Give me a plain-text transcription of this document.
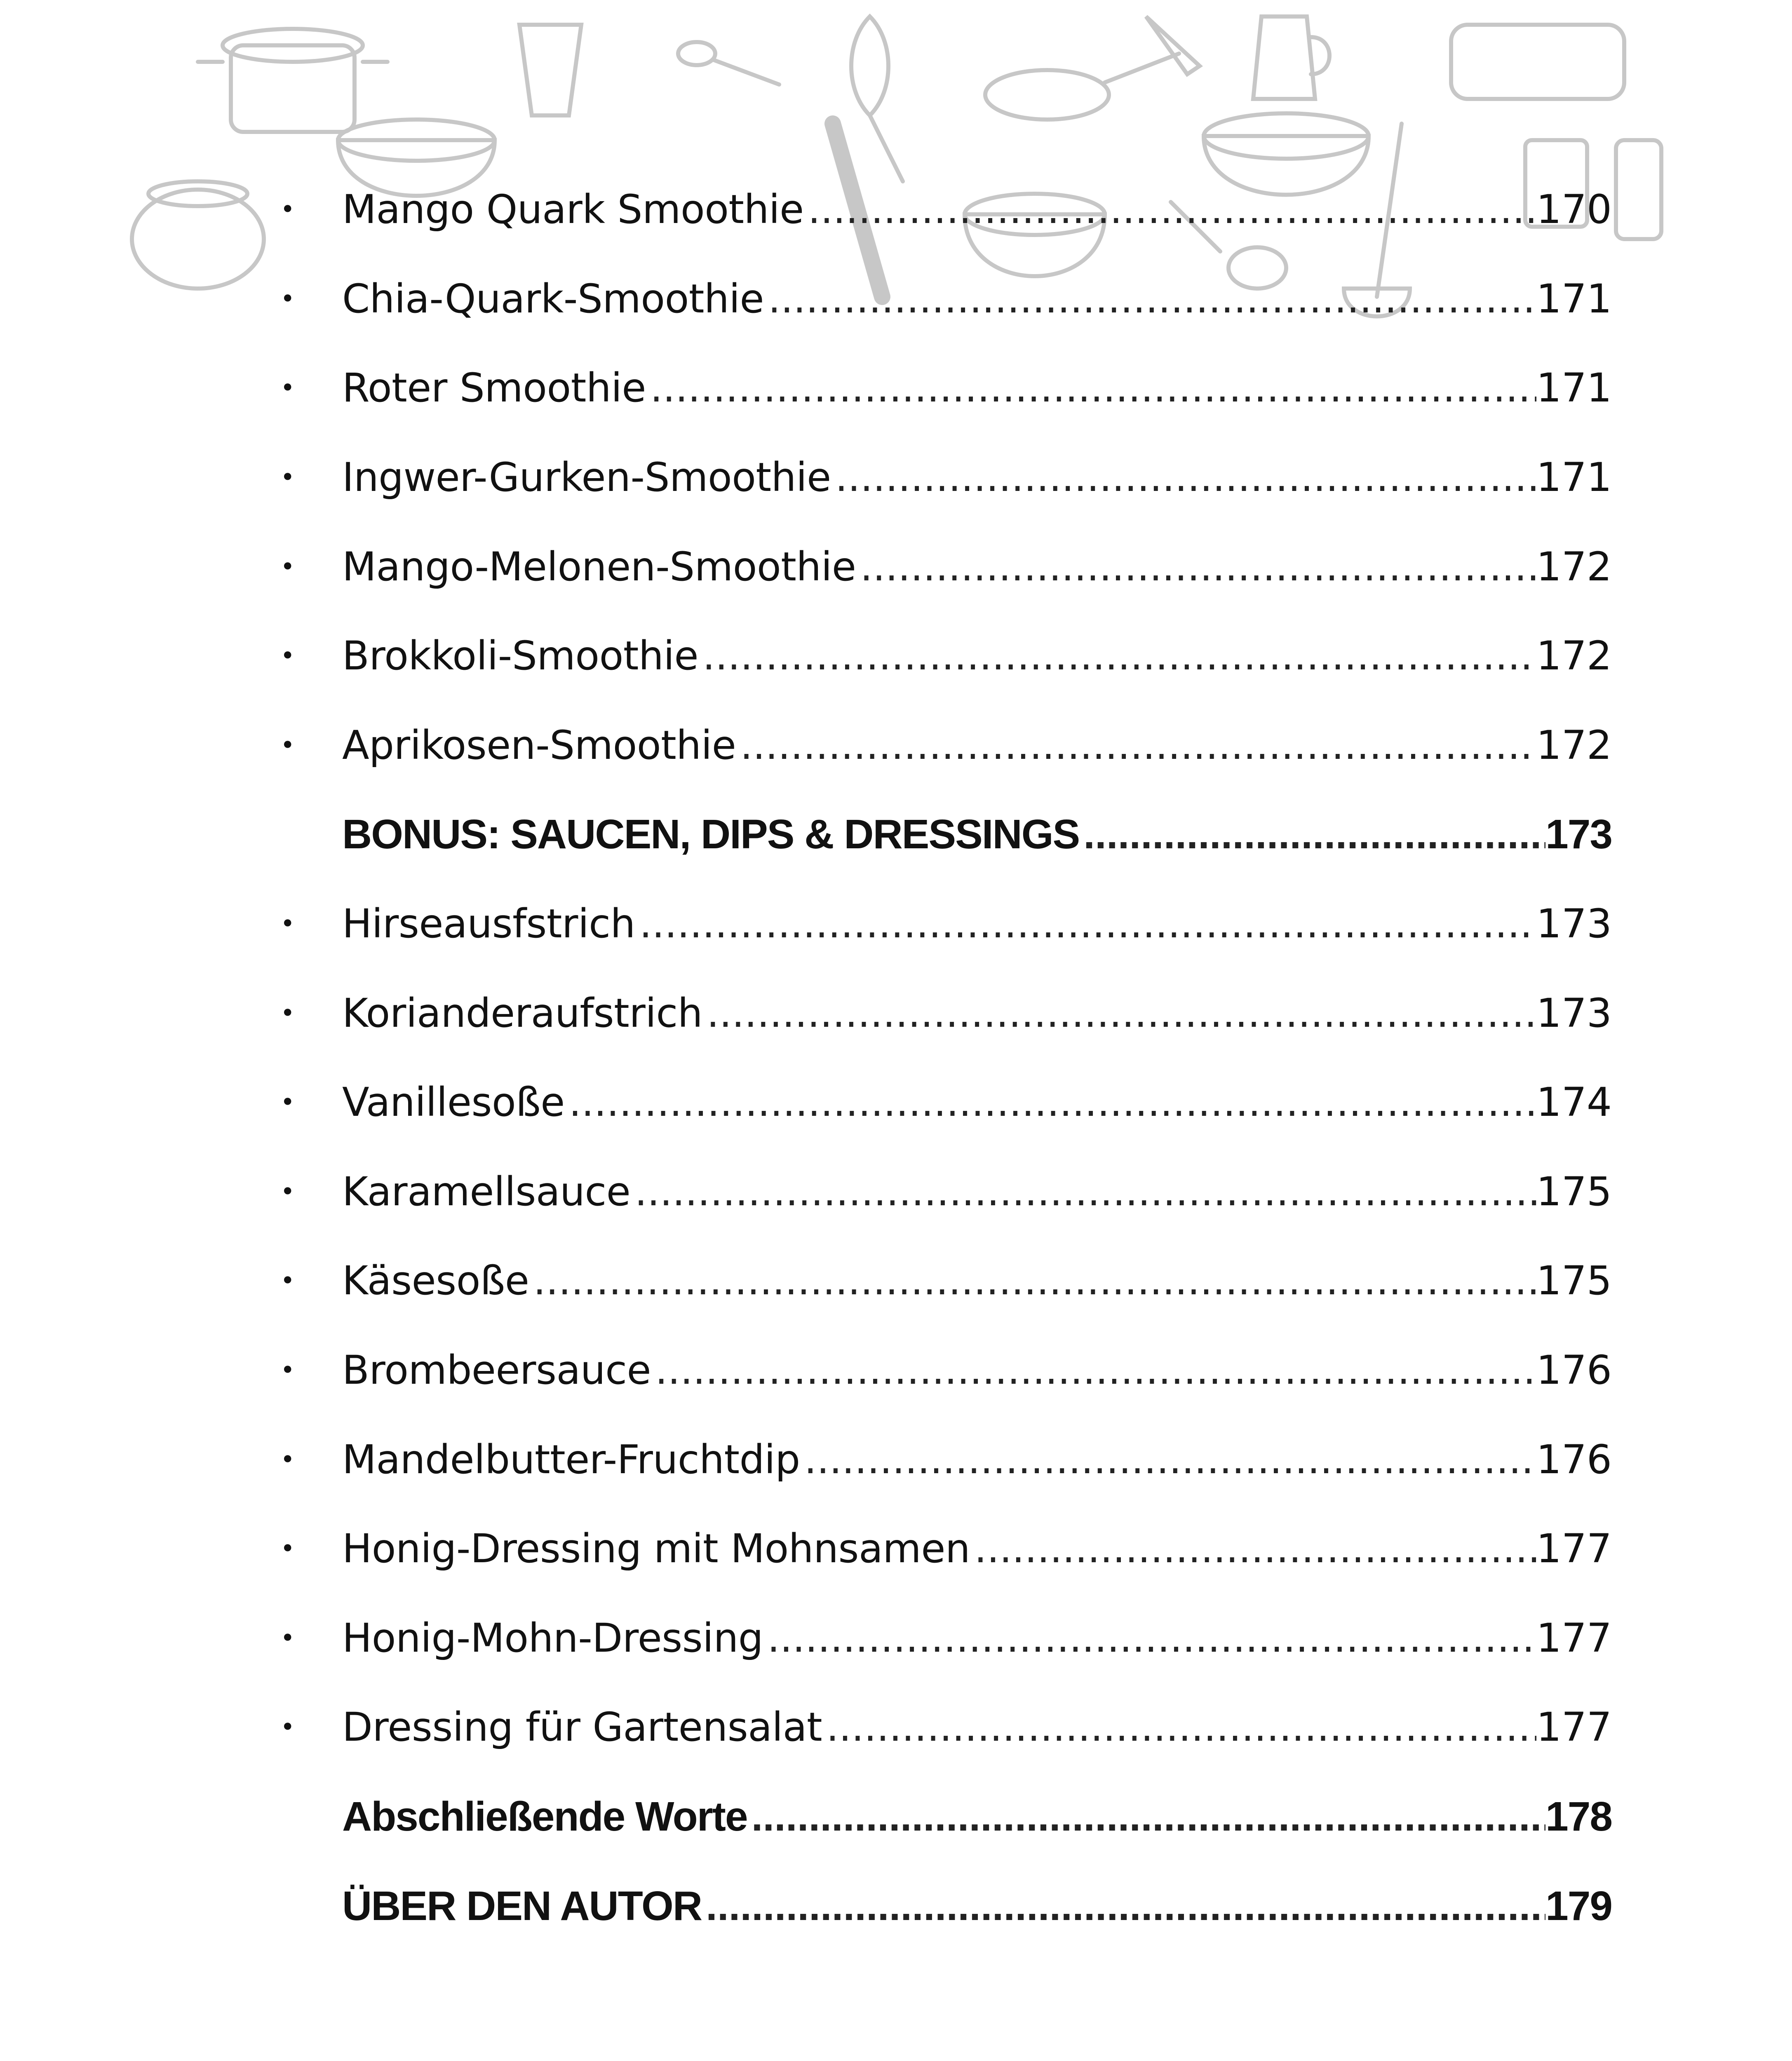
•	Mango Quark Smoothie .....	170
•	Chia-Quark-Smoothie .....	171
•	Roter Smoothie .....	171
•	Ingwer-Gurken-Smoothie .....	171
•	Mango-Melonen-Smoothie .....	172
•	Brokkoli-Smoothie .....	172
•	Aprikosen-Smoothie .....	172
BONUS: SAUCEN, DIPS & DRESSINGS .....	173
•	Hirseausfstrich .....	173
•	Korianderaufstrich .....	173
•	Vanillesoße .....	174
•	Karamellsauce .....	175
•	Käsesoße .....	175
•	Brombeersauce .....	176
•	Mandelbutter-Fruchtdip .....	176
•	Honig-Dressing mit Mohnsamen .....	177
•	Honig-Mohn-Dressing .....	177
•	Dressing für Gartensalat .....	177
Abschließende Worte .....	178
ÜBER DEN AUTOR .....	179
